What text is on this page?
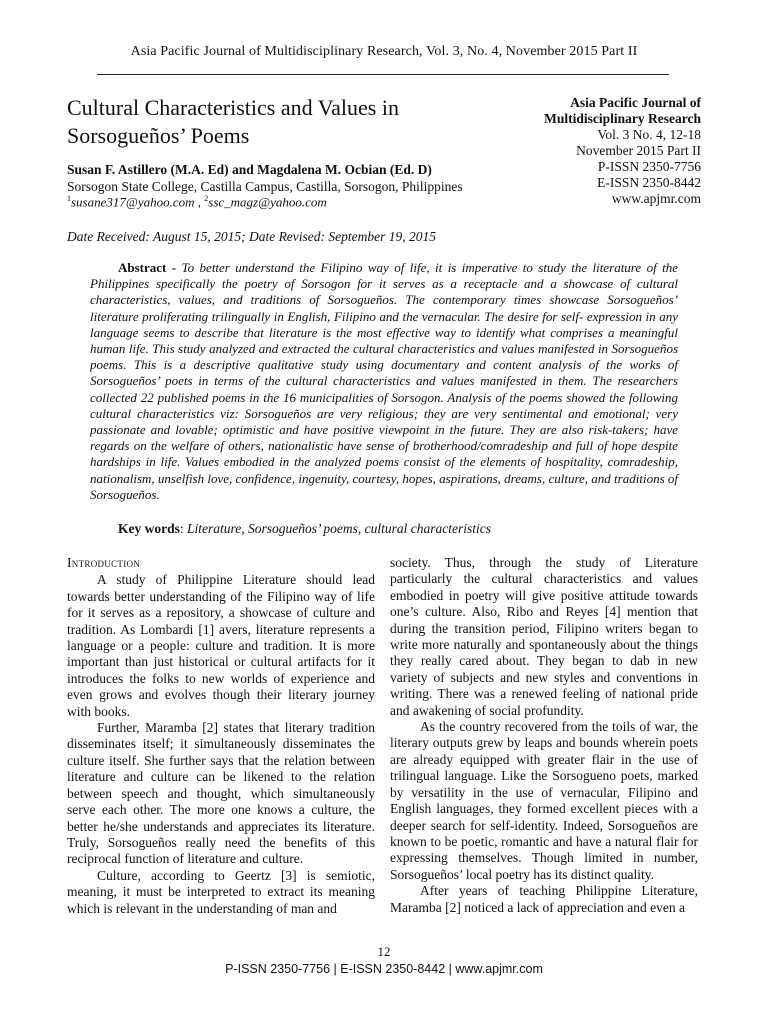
Asia Pacific Journal of Multidisciplinary Research, Vol. 3, No. 4, November 2015 Part II
Cultural Characteristics and Values in
Sorsogueños’ Poems
Asia Pacific Journal of
Multidisciplinary Research
Vol. 3 No. 4, 12-18
November 2015 Part II
P-ISSN 2350-7756
E-ISSN 2350-8442
www.apjmr.com
Susan F. Astillero (M.A. Ed) and Magdalena M. Ocbian (Ed. D)
Sorsogon State College, Castilla Campus, Castilla, Sorsogon, Philippines
$^1$susane317@yahoo.com , $^2$ssc_magz@yahoo.com
Date Received: August 15, 2015; Date Revised: September 19, 2015
Abstract - To better understand the Filipino way of life, it is imperative to study the literature of the Philippines specifically the poetry of Sorsogon for it serves as a receptacle and a showcase of cultural characteristics, values, and traditions of Sorsogueños. The contemporary times showcase Sorsogueños’ literature proliferating trilingually in English, Filipino and the vernacular. The desire for self- expression in any language seems to describe that literature is the most effective way to identify what comprises a meaningful human life. This study analyzed and extracted the cultural characteristics and values manifested in Sorsogueños poems. This is a descriptive qualitative study using documentary and content analysis of the works of Sorsogueños’ poets in terms of the cultural characteristics and values manifested in them. The researchers collected 22 published poems in the 16 municipalities of Sorsogon. Analysis of the poems showed the following cultural characteristics viz: Sorsogueños are very religious; they are very sentimental and emotional; very passionate and lovable; optimistic and have positive viewpoint in the future. They are also risk-takers; have regards on the welfare of others, nationalistic have sense of brotherhood/comradeship and full of hope despite hardships in life. Values embodied in the analyzed poems consist of the elements of hospitality, comradeship, nationalism, unselfish love, confidence, ingenuity, courtesy, hopes, aspirations, dreams, culture, and traditions of Sorsogueños.
Key words: Literature, Sorsogueños’ poems, cultural characteristics
Introduction

A study of Philippine Literature should lead towards better understanding of the Filipino way of life for it serves as a repository, a showcase of culture and tradition. As Lombardi [1] avers, literature represents a language or a people: culture and tradition. It is more important than just historical or cultural artifacts for it introduces the folks to new worlds of experience and even grows and evolves though their literary journey with books.

Further, Maramba [2] states that literary tradition disseminates itself; it simultaneously disseminates the culture itself. She further says that the relation between literature and culture can be likened to the relation between speech and thought, which simultaneously serve each other. The more one knows a culture, the better he/she understands and appreciates its literature. Truly, Sorsogueños really need the benefits of this reciprocal function of literature and culture.

Culture, according to Geertz [3] is semiotic, meaning, it must be interpreted to extract its meaning which is relevant in the understanding of man and

society. Thus, through the study of Literature particularly the cultural characteristics and values embodied in poetry will give positive attitude towards one’s culture. Also, Ribo and Reyes [4] mention that during the transition period, Filipino writers began to write more naturally and spontaneously about the things they really cared about. They began to dab in new variety of subjects and new styles and conventions in writing. There was a renewed feeling of national pride and awakening of social profundity.

As the country recovered from the toils of war, the literary outputs grew by leaps and bounds wherein poets are already equipped with greater flair in the use of trilingual language. Like the Sorsogueno poets, marked by versatility in the use of vernacular, Filipino and English languages, they formed excellent pieces with a deeper search for self-identity. Indeed, Sorsogueños are known to be poetic, romantic and have a natural flair for expressing themselves. Though limited in number, Sorsogueños’ local poetry has its distinct quality.

After years of teaching Philippine Literature, Maramba [2] noticed a lack of appreciation and even a

12
P-ISSN 2350-7756 | E-ISSN 2350-8442 | www.apjmr.com
